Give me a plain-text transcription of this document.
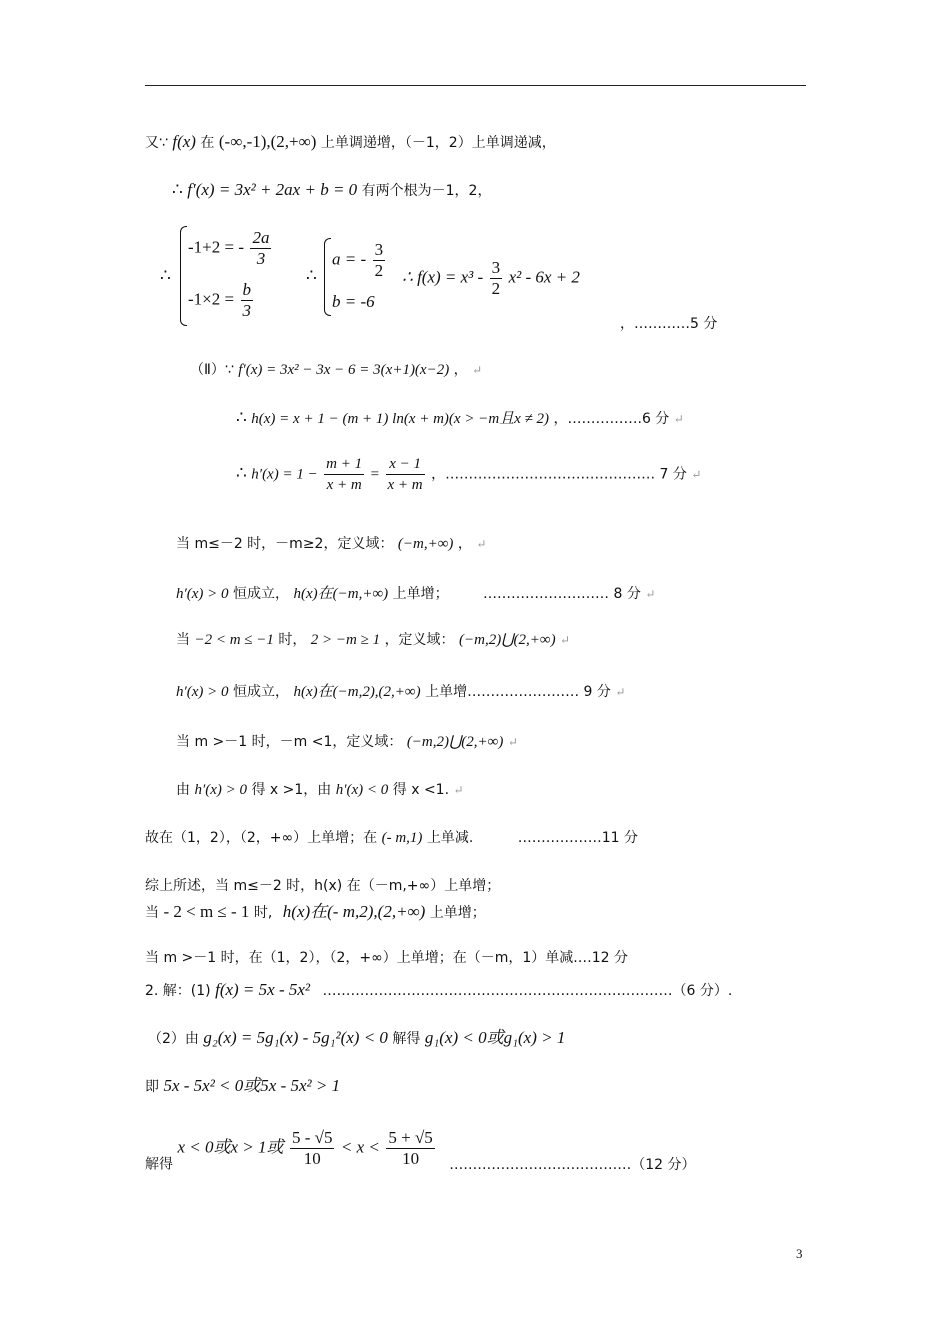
又∵ f(x) 在 (-∞,-1),(2,+∞) 上单调递增，（－1，2）上单调递减，
∴ f′(x) = 3x² + 2ax + b = 0 有两个根为－1，2，
∴
-1+2 = - $\frac{2a}{3}$
$-1\times 2 = \frac{b}{3}$
∴
a = - $\frac{3}{2}$
b = -6
∴ $f(x) = x^3 - \frac{3}{2} x^2 - 6x + 2$
，…………5 分
（Ⅱ）∵ f′(x) = 3x² − 3x − 6 = 3(x+1)(x−2) ， ↵
∴ h(x) = x + 1 − (m + 1) ln(x + m)(x > −m且x ≠ 2) ，…………….6 分 ↵
∴ $h'(x) = 1 - \frac{m + 1}{x + m} = \frac{x - 1}{x + m}$ ，……………………………………… 7 分 ↵
当 m≤－2 时，－m≥2，定义域： (−m,+∞) ， ↵
h′(x) > 0 恒成立， h(x)在(−m,+∞) 上单增； ……………………… 8 分 ↵
当 −2 < m ≤ −1 时， 2 > −m ≥ 1 ，定义域： (−m,2)⋃(2,+∞) ↵
h′(x) > 0 恒成立， h(x)在(−m,2),(2,+∞) 上单增…………………… 9 分 ↵
当 m >－1 时，－m <1，定义域： (−m,2)⋃(2,+∞) ↵
由 h′(x) > 0 得 x >1，由 h′(x) < 0 得 x <1. ↵
故在（1，2），（2，+∞）上单增；在 (- m,1) 上单减.	………………11 分
综上所述，当 m≤－2 时，h(x) 在（－m,+∞）上单增；
当 - 2 < m ≤ - 1 时, h(x)在(- m,2),(2,+∞) 上单增；
当 m >－1 时，在（1，2），（2，+∞）上单增；在（－m，1）单减.…12 分
2. 解：(1) f(x) = 5x - 5x² …………………………………………………………………（6 分）.
（2）由 g₂(x) = 5g₁(x) - 5g₁²(x) < 0 解得 g₁(x) < 0或g₁(x) > 1
即 5x - 5x² < 0或5x - 5x² > 1
解得 x < 0或x > 1或 $\frac{5 - √5}{10} < x < \frac{5 + √5}{10}$ …………………………………（12 分）
3
